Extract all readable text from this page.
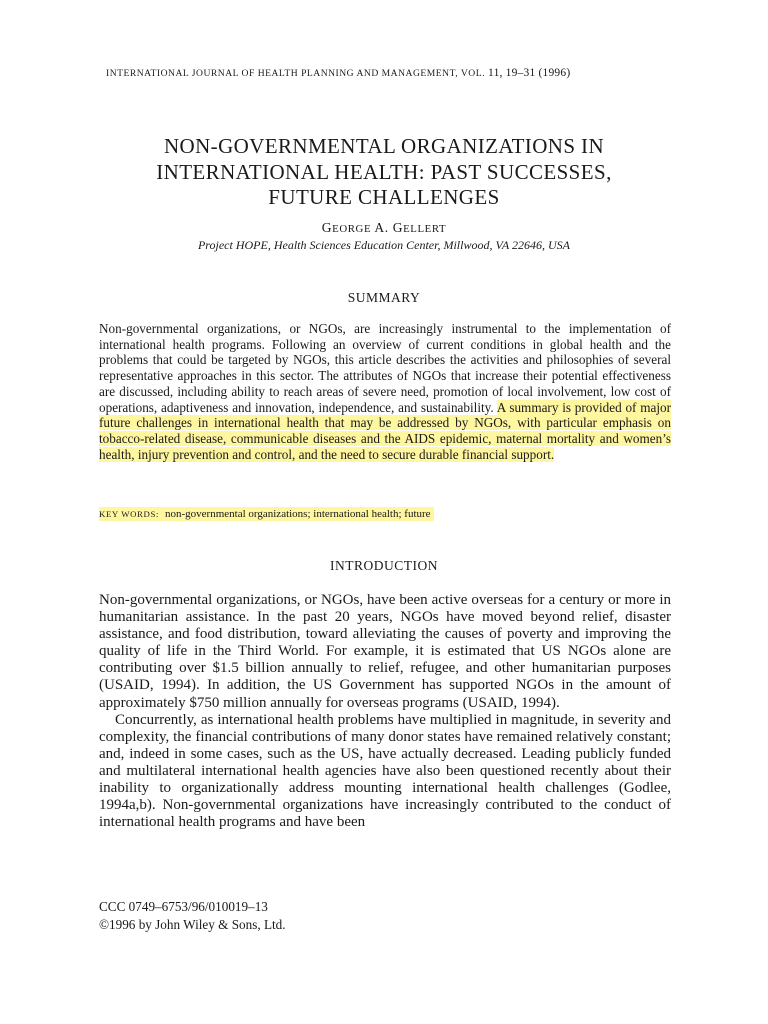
INTERNATIONAL JOURNAL OF HEALTH PLANNING AND MANAGEMENT, VOL. 11, 19–31 (1996)
NON-GOVERNMENTAL ORGANIZATIONS IN
INTERNATIONAL HEALTH: PAST SUCCESSES,
FUTURE CHALLENGES
GEORGE A. GELLERT
Project HOPE, Health Sciences Education Center, Millwood, VA 22646, USA
SUMMARY

Non-governmental organizations, or NGOs, are increasingly instrumental to the implementation of international health programs. Following an overview of current conditions in global health and the problems that could be targeted by NGOs, this article describes the activities and philosophies of several representative approaches in this sector. The attributes of NGOs that increase their potential effectiveness are discussed, including ability to reach areas of severe need, promotion of local involvement, low cost of operations, adaptiveness and innovation, independence, and sustainability. A summary is provided of major future challenges in international health that may be addressed by NGOs, with particular emphasis on tobacco-related disease, communicable diseases and the AIDS epidemic, maternal mortality and women’s health, injury prevention and control, and the need to secure durable financial support.

KEY WORDS: non-governmental organizations; international health; future

INTRODUCTION

Non-governmental organizations, or NGOs, have been active overseas for a century or more in humanitarian assistance. In the past 20 years, NGOs have moved beyond relief, disaster assistance, and food distribution, toward alleviating the causes of poverty and improving the quality of life in the Third World. For example, it is estimated that US NGOs alone are contributing over $1.5 billion annually to relief, refugee, and other humanitarian purposes (USAID, 1994). In addition, the US Government has supported NGOs in the amount of approximately $750 million annually for overseas programs (USAID, 1994).

Concurrently, as international health problems have multiplied in magnitude, in severity and complexity, the financial contributions of many donor states have remained relatively constant; and, indeed in some cases, such as the US, have actually decreased. Leading publicly funded and multilateral international health agencies have also been questioned recently about their inability to organizationally address mounting international health challenges (Godlee, 1994a,b). Non-governmental organizations have increasingly contributed to the conduct of international health programs and have been

CCC 0749–6753/96/010019–13
©1996 by John Wiley & Sons, Ltd.
